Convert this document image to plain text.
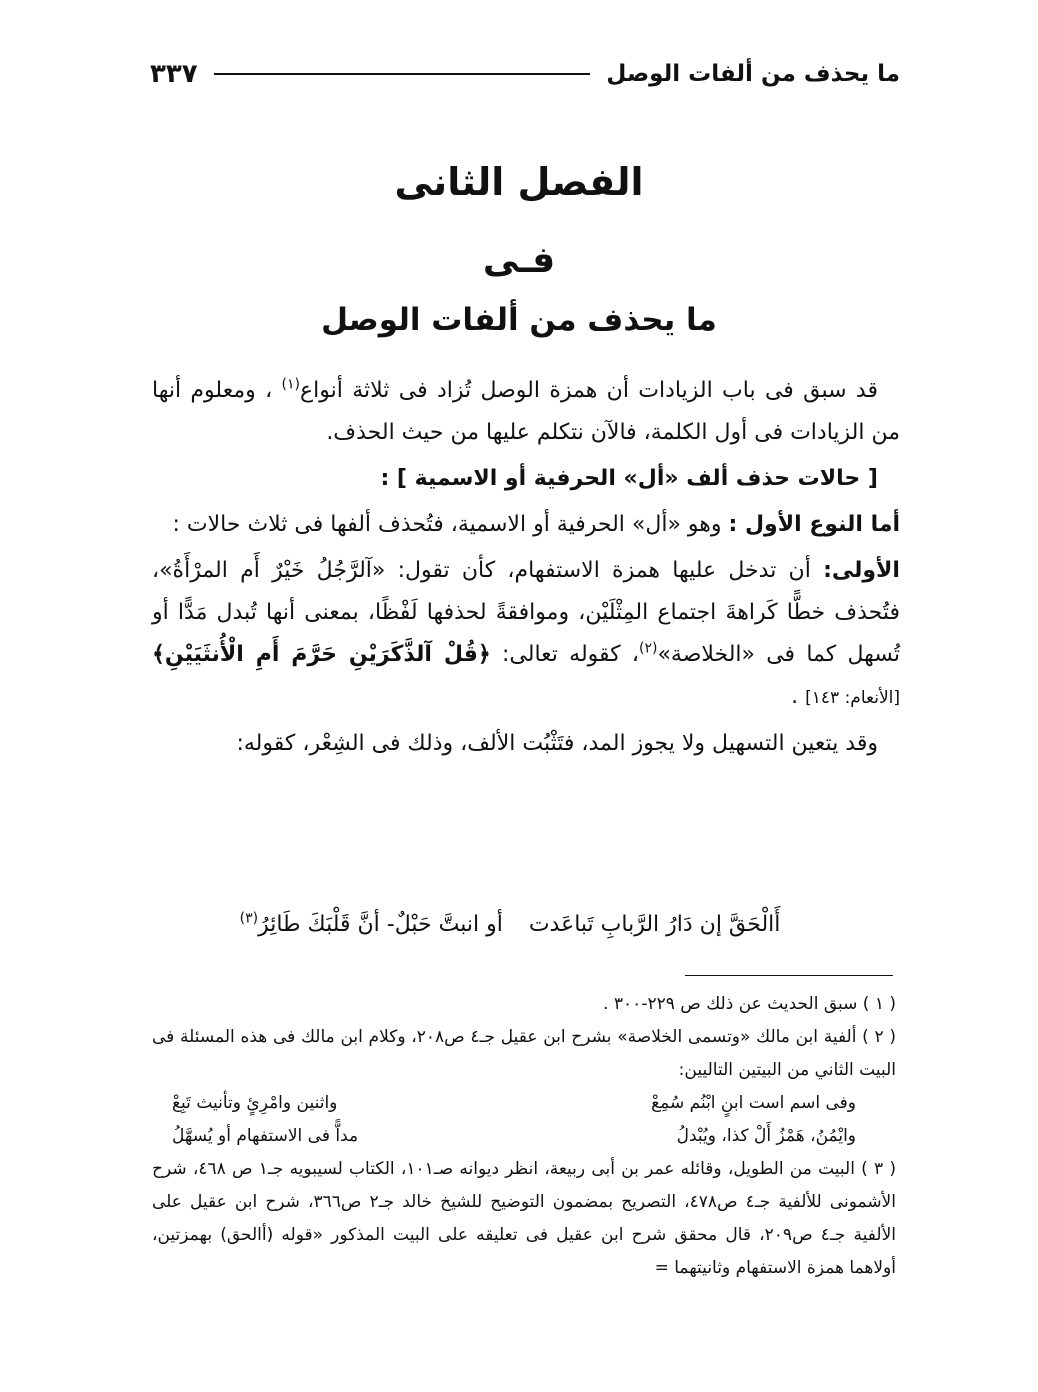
ما يحذف من ألفات الوصل
٣٣٧
الفصل الثانى
فـى
ما يحذف من ألفات الوصل

قد سبق فى باب الزيادات أن همزة الوصل تُزاد فى ثلاثة أنواع$^{(١)}$ ، ومعلوم أنها من الزيادات فى أول الكلمة، فالآن نتكلم عليها من حيث الحذف.

[ حالات حذف ألف «أل» الحرفية أو الاسمية ] :

أما النوع الأول : وهو «أل» الحرفية أو الاسمية، فتُحذف ألفها فى ثلاث حالات :

الأولى: أن تدخل عليها همزة الاستفهام، كأن تقول: «آلرَّجُلُ خَيْرٌ أَم المرْأَةُ»، فتُحذف خطًّا كَراهةَ اجتماع المِثْلَيْن، وموافقةً لحذفها لَفْظًا، بمعنى أنها تُبدل مَدًّا أو تُسهل كما فى «الخلاصة»$^{(٢)}$، كقوله تعالى: ﴿قُلْ آلذَّكَرَيْنِ حَرَّمَ أَمِ الْأُنثَيَيْنِ﴾ [الأنعام: ١٤٣] .

وقد يتعين التسهيل ولا يجوز المد، فتَثْبُت الألف، وذلك فى الشِعْر، كقوله:

أَالْحَقَّ إن دَارُ الرَّبابِ تَباعَدت
أو انبتَّ حَبْلٌ- أنَّ قَلْبَكَ طَائِرُ$^{(٣)}$

( ١ ) سبق الحديث عن ذلك ص ٢٢٩-٣٠٠ .

( ٢ ) ألفية ابن مالك «وتسمى الخلاصة» بشرح ابن عقيل جـ٤ ص٢٠٨، وكلام ابن مالك فى هذه المسئلة فى البيت الثاني من البيتين التاليين:

وفى اسم است ابنٍ ابْنُم سُمِعْ
واثنين وامْرِئٍ وتأنيث تَبِعْ
وايْمُنُ، هَمْزُ أَلْ كذا، ويُبْدلُ
مداًّ فى الاستفهام أو يُسهَّلُ

( ٣ ) البيت من الطويل، وقائله عمر بن أبى ربيعة، انظر ديوانه صـ١٠١، الكتاب لسيبويه جـ١ ص ٤٦٨، شرح الأشمونى للألفية جـ٤ ص٤٧٨، التصريح بمضمون التوضيح للشيخ خالد جـ٢ ص٣٦٦، شرح ابن عقيل على الألفية جـ٤ ص٢٠٩، قال محقق شرح ابن عقيل فى تعليقه على البيت المذكور «قوله (أالحق) بهمزتين، أولاهما همزة الاستفهام وثانيتهما =
